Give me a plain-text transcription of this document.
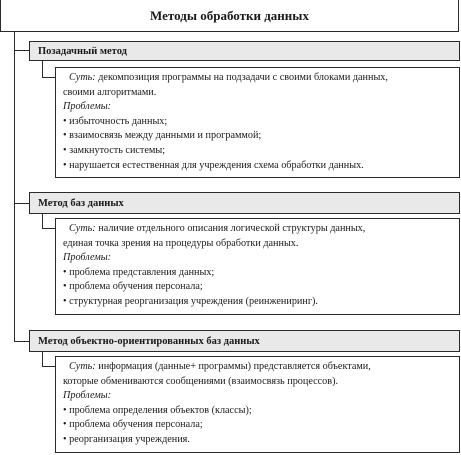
Методы обработки данных
Позадачный метод
Суть: декомпозиция программы на подзадачи с своими блоками данных,
своими алгоритмами.
Проблемы:
• избыточность данных;
• взаимосвязь между данными и программой;
• замкнутость системы;
• нарушается естественная для учреждения схема обработки данных.
Метод баз данных
Суть: наличие отдельного описания логической структуры данных,
единая точка зрения на процедуры обработки данных.
Проблемы:
• проблема представления данных;
• проблема обучения персонала;
• структурная реорганизация учреждения (реинжениринг).
Метод объектно-ориентированных баз данных
Суть: информация (данные+ программы) представляется объектами,
которые обмениваются сообщениями (взаимосвязь процессов).
Проблемы:
• проблема определения объектов (классы);
• проблема обучения персонала;
• реорганизация учреждения.
